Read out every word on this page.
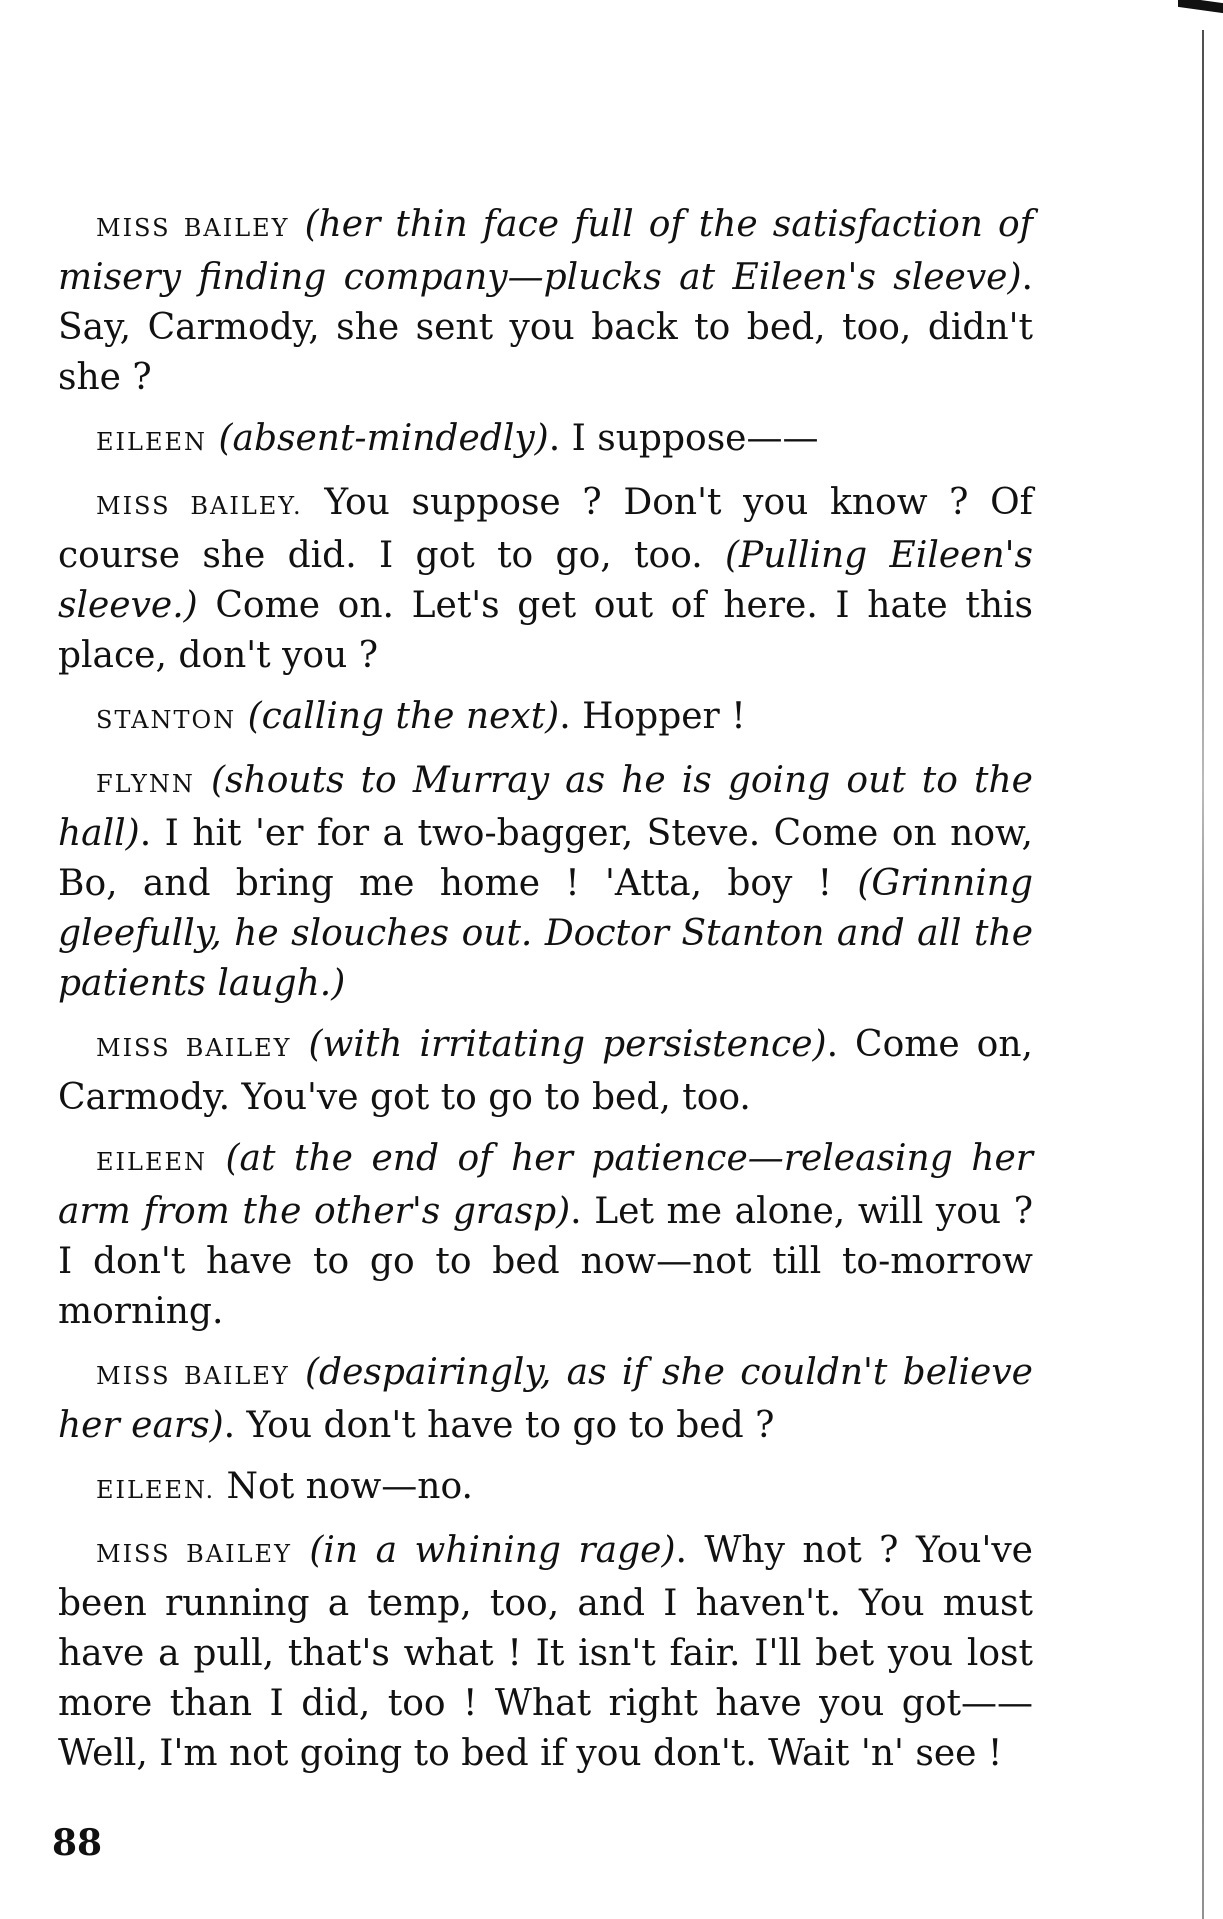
MISS BAILEY (her thin face full of the satisfaction of misery finding company—plucks at Eileen's sleeve). Say, Carmody, she sent you back to bed, too, didn't she ?

EILEEN (absent-mindedly). I suppose——

MISS BAILEY. You suppose ? Don't you know ? Of course she did. I got to go, too. (Pulling Eileen's sleeve.) Come on. Let's get out of here. I hate this place, don't you ?

STANTON (calling the next). Hopper !

FLYNN (shouts to Murray as he is going out to the hall). I hit 'er for a two-bagger, Steve. Come on now, Bo, and bring me home ! 'Atta, boy ! (Grinning gleefully, he slouches out. Doctor Stanton and all the patients laugh.)

MISS BAILEY (with irritating persistence). Come on, Carmody. You've got to go to bed, too.

EILEEN (at the end of her patience—releasing her arm from the other's grasp). Let me alone, will you ? I don't have to go to bed now—not till to-morrow morning.

MISS BAILEY (despairingly, as if she couldn't believe her ears). You don't have to go to bed ?

EILEEN. Not now—no.

MISS BAILEY (in a whining rage). Why not ? You've been running a temp, too, and I haven't. You must have a pull, that's what ! It isn't fair. I'll bet you lost more than I did, too ! What right have you got—— Well, I'm not going to bed if you don't. Wait 'n' see !

88
